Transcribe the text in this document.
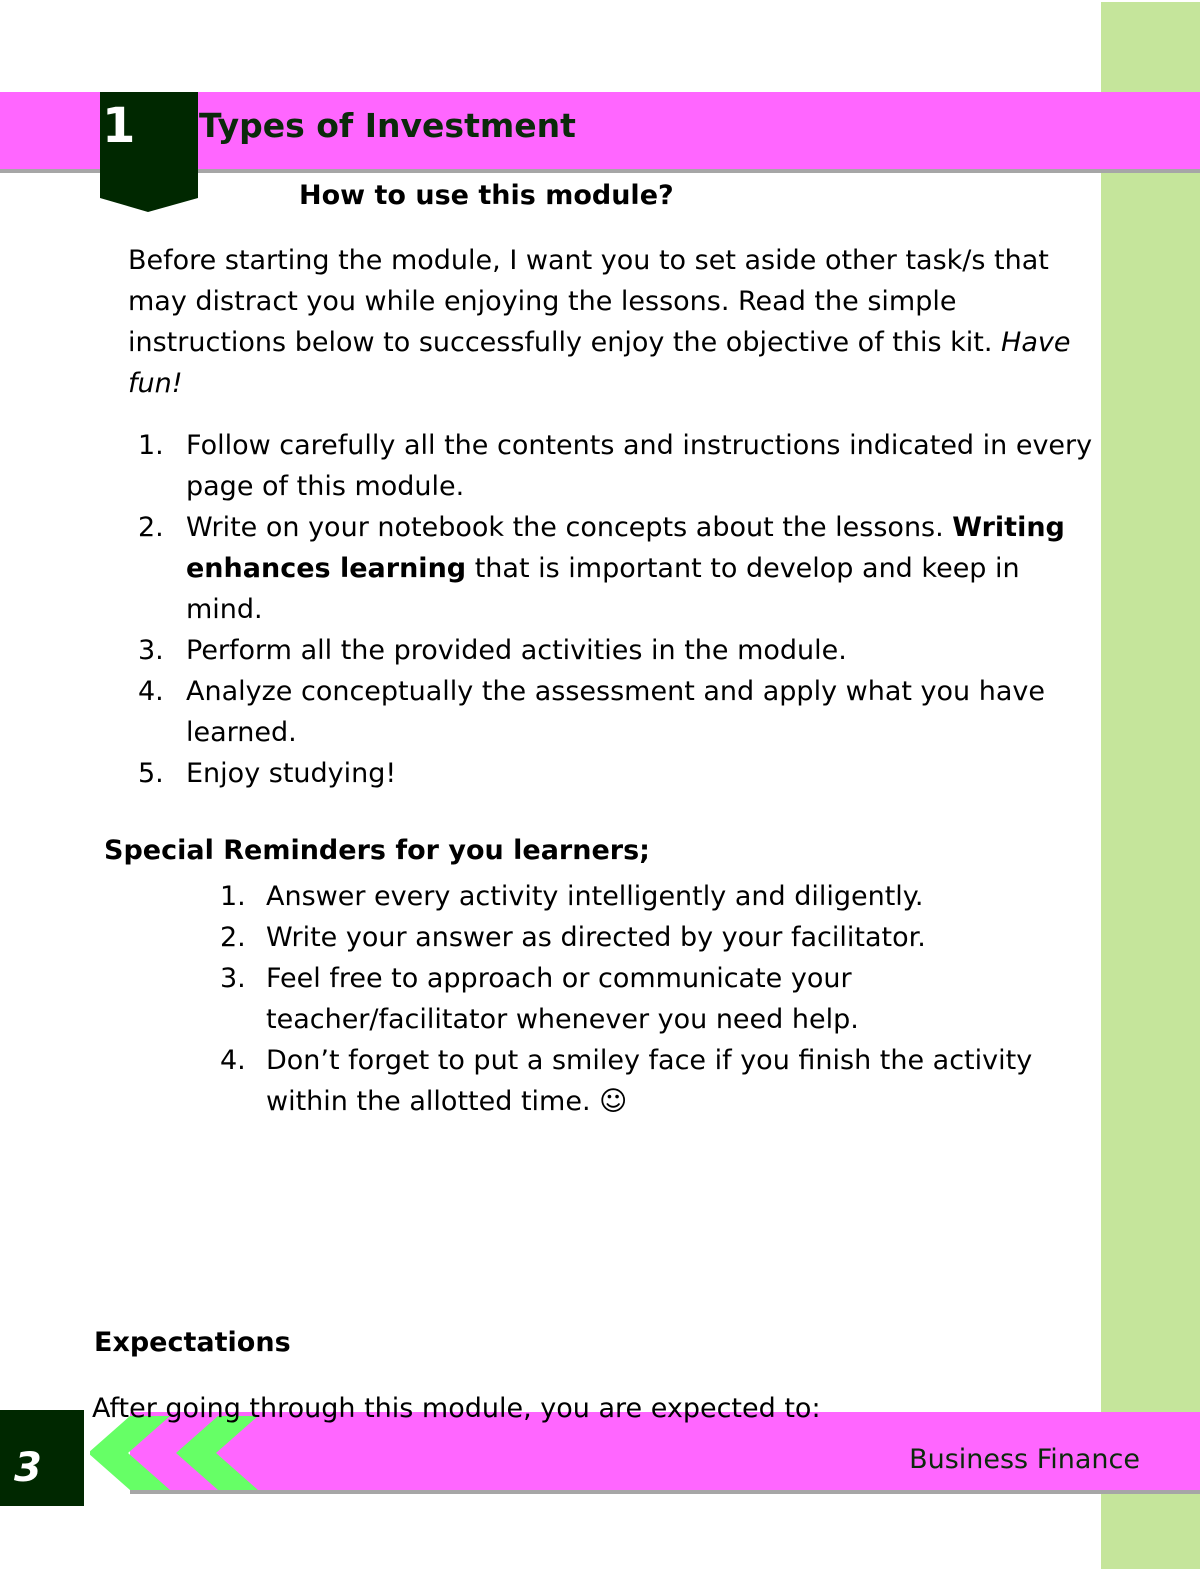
1 Types of Investment
How to use this module?

Before starting the module, I want you to set aside other task/s that may distract you while enjoying the lessons. Read the simple instructions below to successfully enjoy the objective of this kit. Have fun!

1. Follow carefully all the contents and instructions indicated in every page of this module.
2. Write on your notebook the concepts about the lessons. Writing enhances learning that is important to develop and keep in mind.
3. Perform all the provided activities in the module.
4. Analyze conceptually the assessment and apply what you have learned.
5. Enjoy studying!
Special Reminders for you learners;
1. Answer every activity intelligently and diligently.
2. Write your answer as directed by your facilitator.
3. Feel free to approach or communicate your teacher/facilitator whenever you need help.
4. Don’t forget to put a smiley face if you finish the activity within the allotted time. ☺
Expectations
Business Finance
3
After going through this module, you are expected to:
